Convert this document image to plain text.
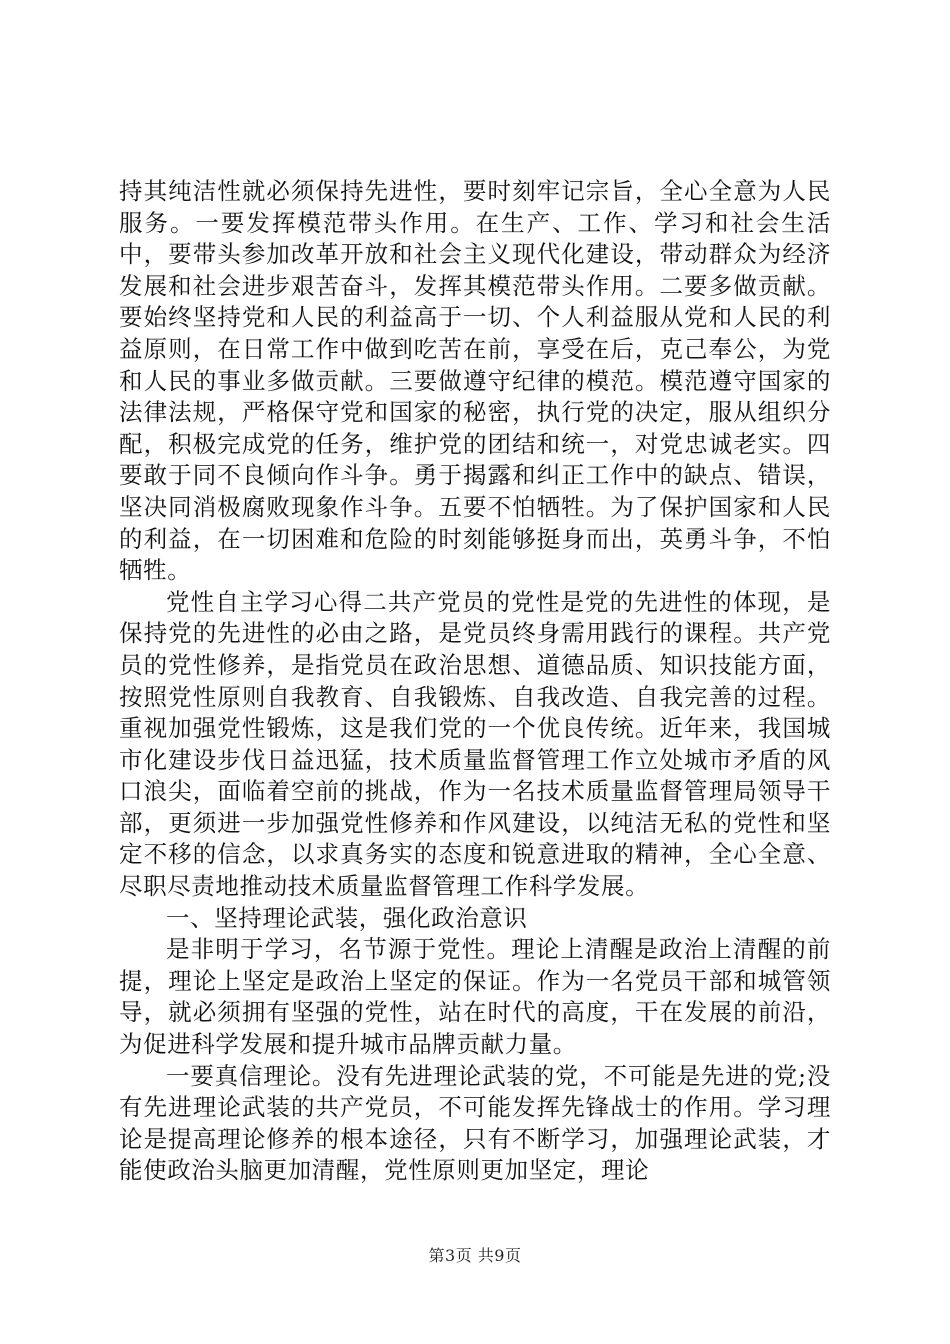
持其纯洁性就必须保持先进性，要时刻牢记宗旨，全心全意为人民服务。一要发挥模范带头作用。在生产、工作、学习和社会生活中，要带头参加改革开放和社会主义现代化建设，带动群众为经济发展和社会进步艰苦奋斗，发挥其模范带头作用。二要多做贡献。要始终坚持党和人民的利益高于一切、个人利益服从党和人民的利益原则，在日常工作中做到吃苦在前，享受在后，克己奉公，为党和人民的事业多做贡献。三要做遵守纪律的模范。模范遵守国家的法律法规，严格保守党和国家的秘密，执行党的决定，服从组织分配，积极完成党的任务，维护党的团结和统一，对党忠诚老实。四要敢于同不良倾向作斗争。勇于揭露和纠正工作中的缺点、错误，坚决同消极腐败现象作斗争。五要不怕牺牲。为了保护国家和人民的利益，在一切困难和危险的时刻能够挺身而出，英勇斗争，不怕牺牲。

党性自主学习心得二共产党员的党性是党的先进性的体现，是保持党的先进性的必由之路，是党员终身需用践行的课程。共产党员的党性修养，是指党员在政治思想、道德品质、知识技能方面，按照党性原则自我教育、自我锻炼、自我改造、自我完善的过程。重视加强党性锻炼，这是我们党的一个优良传统。近年来，我国城市化建设步伐日益迅猛，技术质量监督管理工作立处城市矛盾的风口浪尖，面临着空前的挑战，作为一名技术质量监督管理局领导干部，更须进一步加强党性修养和作风建设，以纯洁无私的党性和坚定不移的信念，以求真务实的态度和锐意进取的精神，全心全意、尽职尽责地推动技术质量监督管理工作科学发展。

一、坚持理论武装，强化政治意识

是非明于学习，名节源于党性。理论上清醒是政治上清醒的前提，理论上坚定是政治上坚定的保证。作为一名党员干部和城管领导，就必须拥有坚强的党性，站在时代的高度，干在发展的前沿，为促进科学发展和提升城市品牌贡献力量。

一要真信理论。没有先进理论武装的党，不可能是先进的党;没有先进理论武装的共产党员，不可能发挥先锋战士的作用。学习理论是提高理论修养的根本途径，只有不断学习，加强理论武装，才能使政治头脑更加清醒，党性原则更加坚定，理论

第3页 共9页
